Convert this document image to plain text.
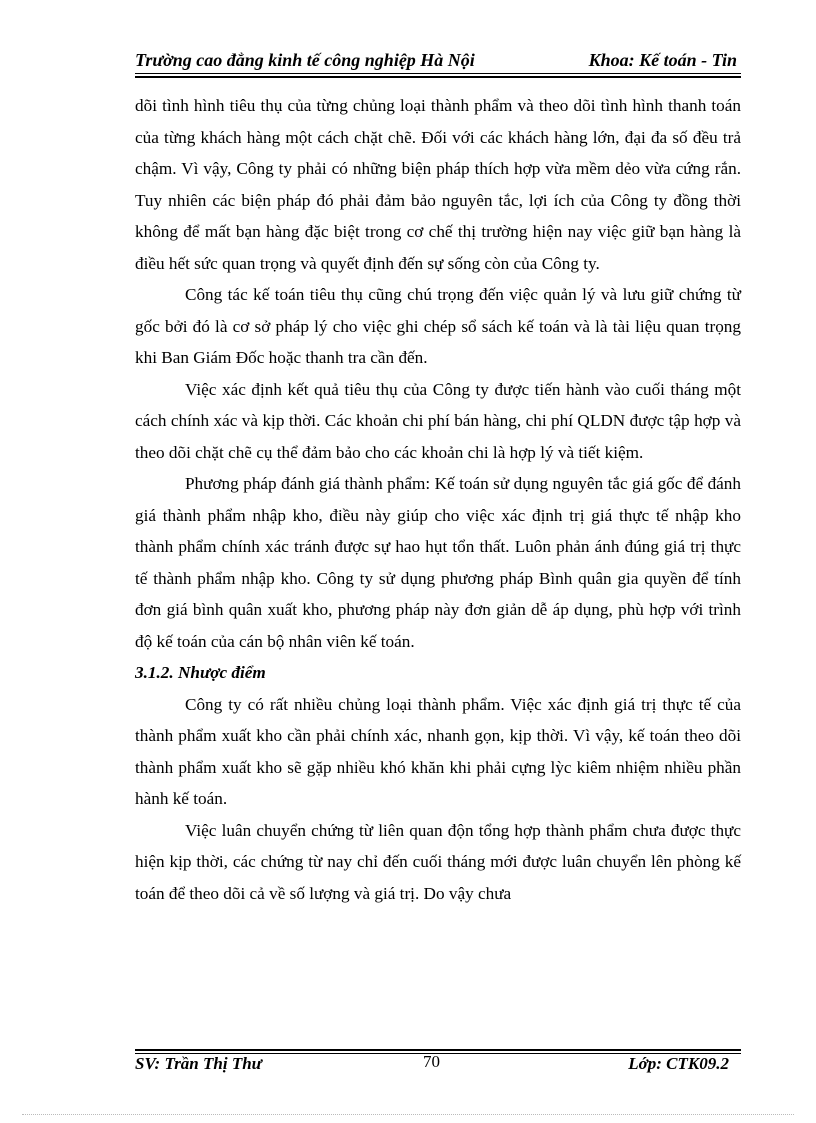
Trường cao đẳng kinh tế công nghiệp Hà Nội	Khoa: Kế toán - Tin

dõi tình hình tiêu thụ của từng chủng loại thành phẩm và theo dõi tình hình thanh toán của từng khách hàng một cách chặt chẽ. Đối với các khách hàng lớn, đại đa số đều trả chậm. Vì vậy, Công ty phải có những biện pháp thích hợp vừa mềm dẻo vừa cứng rắn. Tuy nhiên các biện pháp đó phải đảm bảo nguyên tắc, lợi ích của Công ty đồng thời không để mất bạn hàng đặc biệt trong cơ chế thị trường hiện nay việc giữ bạn hàng là điều hết sức quan trọng và quyết định đến sự sống còn của Công ty.

Công tác kế toán tiêu thụ cũng chú trọng đến việc quản lý và lưu giữ chứng từ gốc bởi đó là cơ sở pháp lý cho việc ghi chép sổ sách kế toán và là tài liệu quan trọng khi Ban Giám Đốc hoặc thanh tra cần đến.

Việc xác định kết quả tiêu thụ của Công ty được tiến hành vào cuối tháng một cách chính xác và kịp thời. Các khoản chi phí bán hàng, chi phí QLDN được tập hợp và theo dõi chặt chẽ cụ thể đảm bảo cho các khoản chi là hợp lý và tiết kiệm.

Phương pháp đánh giá thành phẩm: Kế toán sử dụng nguyên tắc giá gốc để đánh giá thành phẩm nhập kho, điều này giúp cho việc xác định trị giá thực tế nhập kho thành phẩm chính xác tránh được sự hao hụt tổn thất. Luôn phản ánh đúng giá trị thực tế thành phẩm nhập kho. Công ty sử dụng phương pháp Bình quân gia quyền để tính đơn giá bình quân xuất kho, phương pháp này đơn giản dễ áp dụng, phù hợp với trình độ kế toán của cán bộ nhân viên kế toán.

3.1.2. Nhược điểm

Công ty có rất nhiều chủng loại thành phẩm. Việc xác định giá trị thực tế của thành phẩm xuất kho cần phải chính xác, nhanh gọn, kịp thời. Vì vậy, kế toán theo dõi thành phẩm xuất kho sẽ gặp nhiều khó khăn khi phải cựng lỳc kiêm nhiệm nhiều phần hành kế toán.

Việc luân chuyển chứng từ liên quan độn tổng hợp thành phẩm chưa được thực hiện kịp thời, các chứng từ nay chỉ đến cuối tháng mới được luân chuyển lên phòng kế toán để theo dõi cả về số lượng và giá trị. Do vậy chưa

SV: Trần Thị Thư	70	Lớp: CTK09.2
